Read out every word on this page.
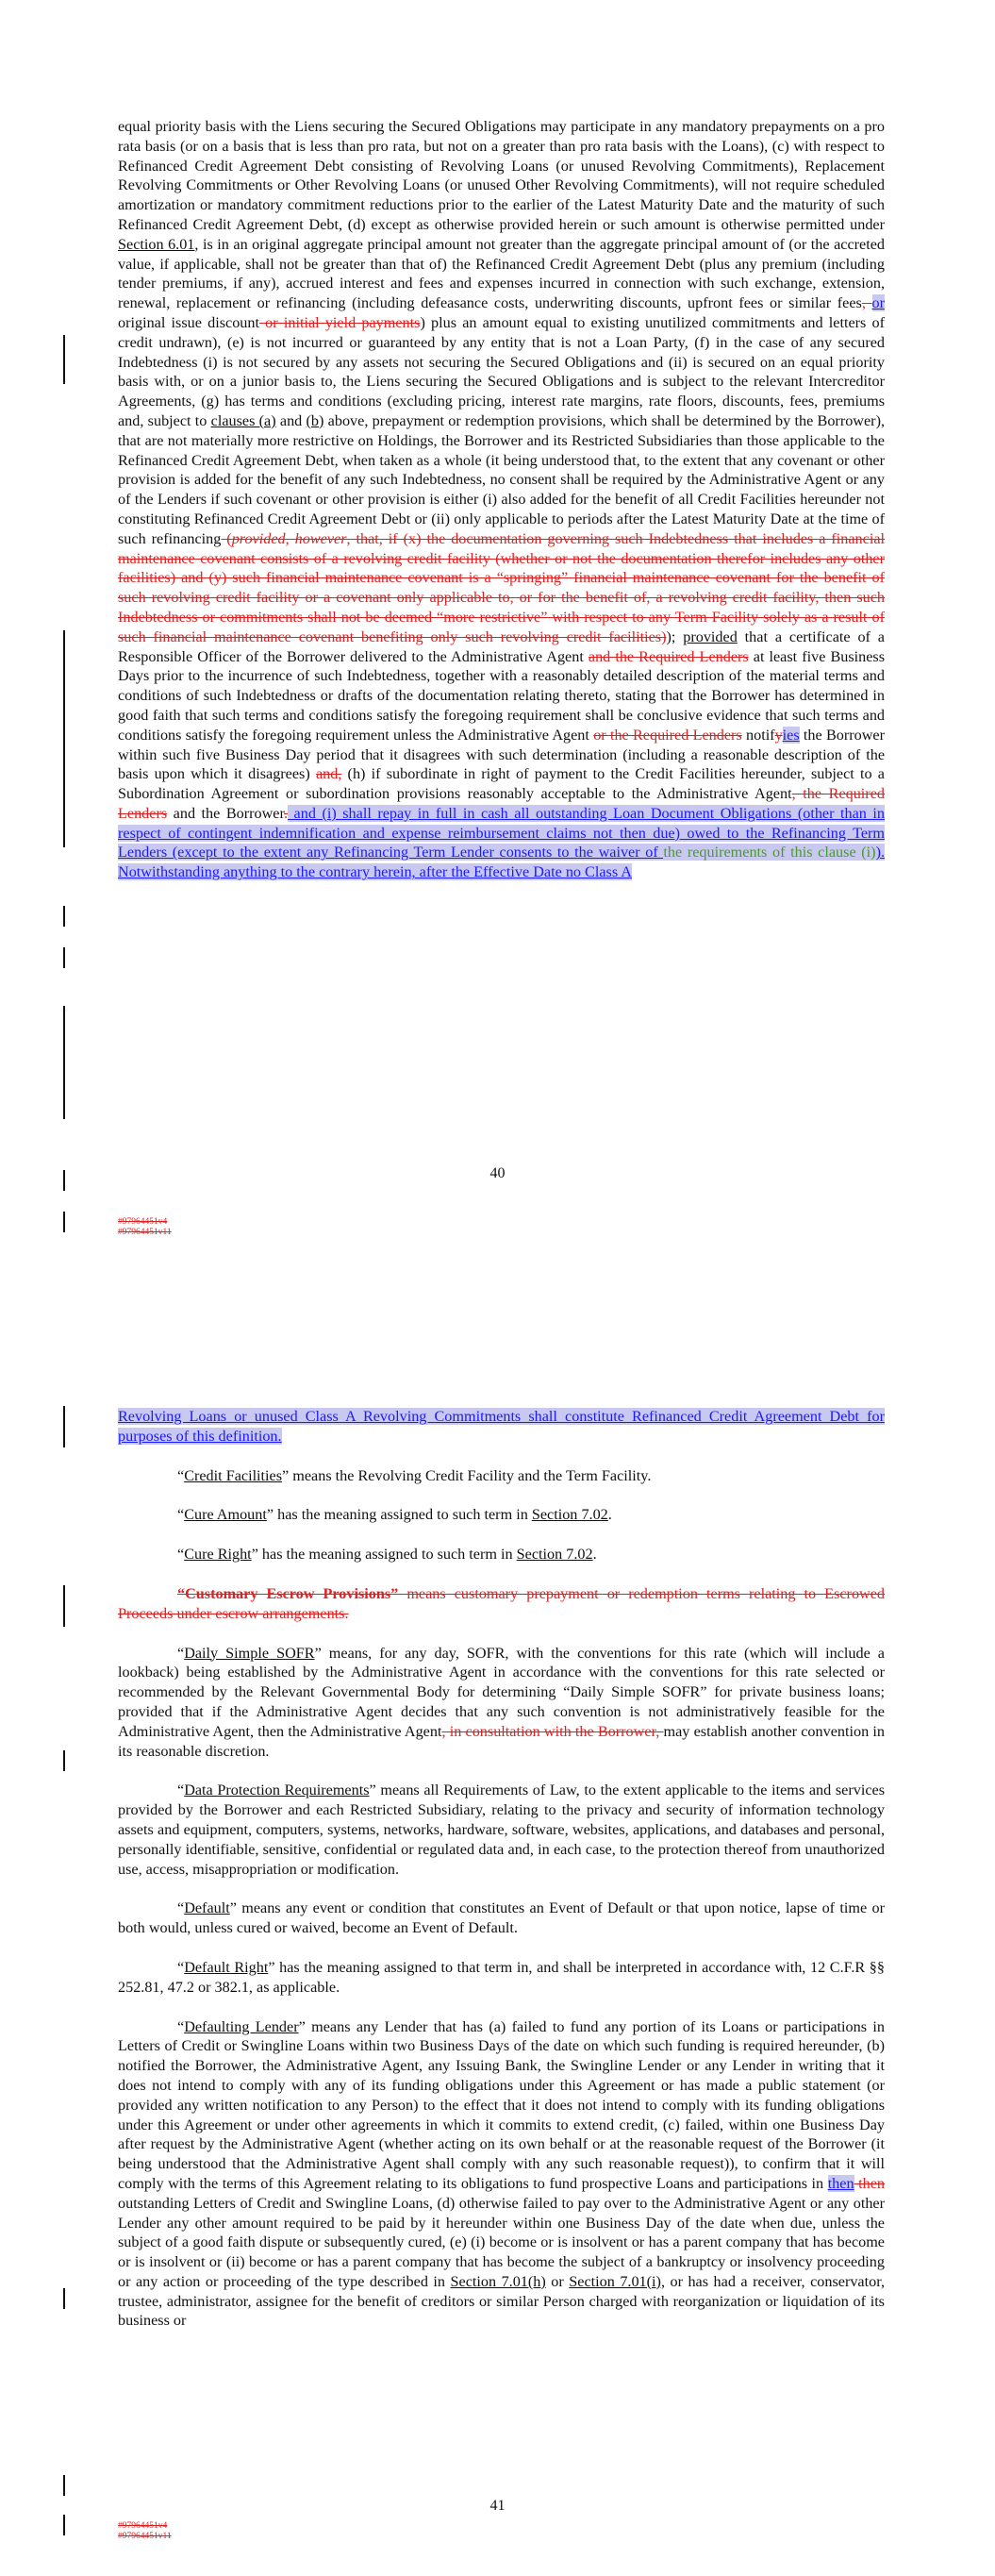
equal priority basis with the Liens securing the Secured Obligations may participate in any mandatory prepayments on a pro rata basis (or on a basis that is less than pro rata, but not on a greater than pro rata basis with the Loans), (c) with respect to Refinanced Credit Agreement Debt consisting of Revolving Loans (or unused Revolving Commitments), Replacement Revolving Commitments or Other Revolving Loans (or unused Other Revolving Commitments), will not require scheduled amortization or mandatory commitment reductions prior to the earlier of the Latest Maturity Date and the maturity of such Refinanced Credit Agreement Debt, (d) except as otherwise provided herein or such amount is otherwise permitted under Section 6.01, is in an original aggregate principal amount not greater than the aggregate principal amount of (or the accreted value, if applicable, shall not be greater than that of) the Refinanced Credit Agreement Debt (plus any premium (including tender premiums, if any), accrued interest and fees and expenses incurred in connection with such exchange, extension, renewal, replacement or refinancing (including defeasance costs, underwriting discounts, upfront fees or similar fees, or original issue discount or initial yield payments) plus an amount equal to existing unutilized commitments and letters of credit undrawn), (e) is not incurred or guaranteed by any entity that is not a Loan Party, (f) in the case of any secured Indebtedness (i) is not secured by any assets not securing the Secured Obligations and (ii) is secured on an equal priority basis with, or on a junior basis to, the Liens securing the Secured Obligations and is subject to the relevant Intercreditor Agreements, (g) has terms and conditions (excluding pricing, interest rate margins, rate floors, discounts, fees, premiums and, subject to clauses (a) and (b) above, prepayment or redemption provisions, which shall be determined by the Borrower), that are not materially more restrictive on Holdings, the Borrower and its Restricted Subsidiaries than those applicable to the Refinanced Credit Agreement Debt, when taken as a whole (it being understood that, to the extent that any covenant or other provision is added for the benefit of any such Indebtedness, no consent shall be required by the Administrative Agent or any of the Lenders if such covenant or other provision is either (i) also added for the benefit of all Credit Facilities hereunder not constituting Refinanced Credit Agreement Debt or (ii) only applicable to periods after the Latest Maturity Date at the time of such refinancing (provided, however, that, if (x) the documentation governing such Indebtedness that includes a financial maintenance covenant consists of a revolving credit facility (whether or not the documentation therefor includes any other facilities) and (y) such financial maintenance covenant is a “springing” financial maintenance covenant for the benefit of such revolving credit facility or a covenant only applicable to, or for the benefit of, a revolving credit facility, then such Indebtedness or commitments shall not be deemed “more restrictive” with respect to any Term Facility solely as a result of such financial maintenance covenant benefiting only such revolving credit facilities)); provided that a certificate of a Responsible Officer of the Borrower delivered to the Administrative Agent and the Required Lenders at least five Business Days prior to the incurrence of such Indebtedness, together with a reasonably detailed description of the material terms and conditions of such Indebtedness or drafts of the documentation relating thereto, stating that the Borrower has determined in good faith that such terms and conditions satisfy the foregoing requirement shall be conclusive evidence that such terms and conditions satisfy the foregoing requirement unless the Administrative Agent or the Required Lenders notifyies the Borrower within such five Business Day period that it disagrees with such determination (including a reasonable description of the basis upon which it disagrees) and, (h) if subordinate in right of payment to the Credit Facilities hereunder, subject to a Subordination Agreement or subordination provisions reasonably acceptable to the Administrative Agent, the Required Lenders and the Borrower. and (i) shall repay in full in cash all outstanding Loan Document Obligations (other than in respect of contingent indemnification and expense reimbursement claims not then due) owed to the Refinancing Term Lenders (except to the extent any Refinancing Term Lender consents to the waiver of the requirements of this clause (i)). Notwithstanding anything to the contrary herein, after the Effective Date no Class A

40
#97964451v4
#97964451v11

Revolving Loans or unused Class A Revolving Commitments shall constitute Refinanced Credit Agreement Debt for purposes of this definition.

“Credit Facilities” means the Revolving Credit Facility and the Term Facility.

“Cure Amount” has the meaning assigned to such term in Section 7.02.

“Cure Right” has the meaning assigned to such term in Section 7.02.

“Customary Escrow Provisions” means customary prepayment or redemption terms relating to Escrowed Proceeds under escrow arrangements.

“Daily Simple SOFR” means, for any day, SOFR, with the conventions for this rate (which will include a lookback) being established by the Administrative Agent in accordance with the conventions for this rate selected or recommended by the Relevant Governmental Body for determining “Daily Simple SOFR” for private business loans; provided that if the Administrative Agent decides that any such convention is not administratively feasible for the Administrative Agent, then the Administrative Agent, in consultation with the Borrower, may establish another convention in its reasonable discretion.

“Data Protection Requirements” means all Requirements of Law, to the extent applicable to the items and services provided by the Borrower and each Restricted Subsidiary, relating to the privacy and security of information technology assets and equipment, computers, systems, networks, hardware, software, websites, applications, and databases and personal, personally identifiable, sensitive, confidential or regulated data and, in each case, to the protection thereof from unauthorized use, access, misappropriation or modification.

“Default” means any event or condition that constitutes an Event of Default or that upon notice, lapse of time or both would, unless cured or waived, become an Event of Default.

“Default Right” has the meaning assigned to that term in, and shall be interpreted in accordance with, 12 C.F.R §§ 252.81, 47.2 or 382.1, as applicable.

“Defaulting Lender” means any Lender that has (a) failed to fund any portion of its Loans or participations in Letters of Credit or Swingline Loans within two Business Days of the date on which such funding is required hereunder, (b) notified the Borrower, the Administrative Agent, any Issuing Bank, the Swingline Lender or any Lender in writing that it does not intend to comply with any of its funding obligations under this Agreement or has made a public statement (or provided any written notification to any Person) to the effect that it does not intend to comply with its funding obligations under this Agreement or under other agreements in which it commits to extend credit, (c) failed, within one Business Day after request by the Administrative Agent (whether acting on its own behalf or at the reasonable request of the Borrower (it being understood that the Administrative Agent shall comply with any such reasonable request)), to confirm that it will comply with the terms of this Agreement relating to its obligations to fund prospective Loans and participations in then then outstanding Letters of Credit and Swingline Loans, (d) otherwise failed to pay over to the Administrative Agent or any other Lender any other amount required to be paid by it hereunder within one Business Day of the date when due, unless the subject of a good faith dispute or subsequently cured, (e) (i) become or is insolvent or has a parent company that has become or is insolvent or (ii) become or has a parent company that has become the subject of a bankruptcy or insolvency proceeding or any action or proceeding of the type described in Section 7.01(h) or Section 7.01(i), or has had a receiver, conservator, trustee, administrator, assignee for the benefit of creditors or similar Person charged with reorganization or liquidation of its business or

41
#97964451v4
#97964451v11
